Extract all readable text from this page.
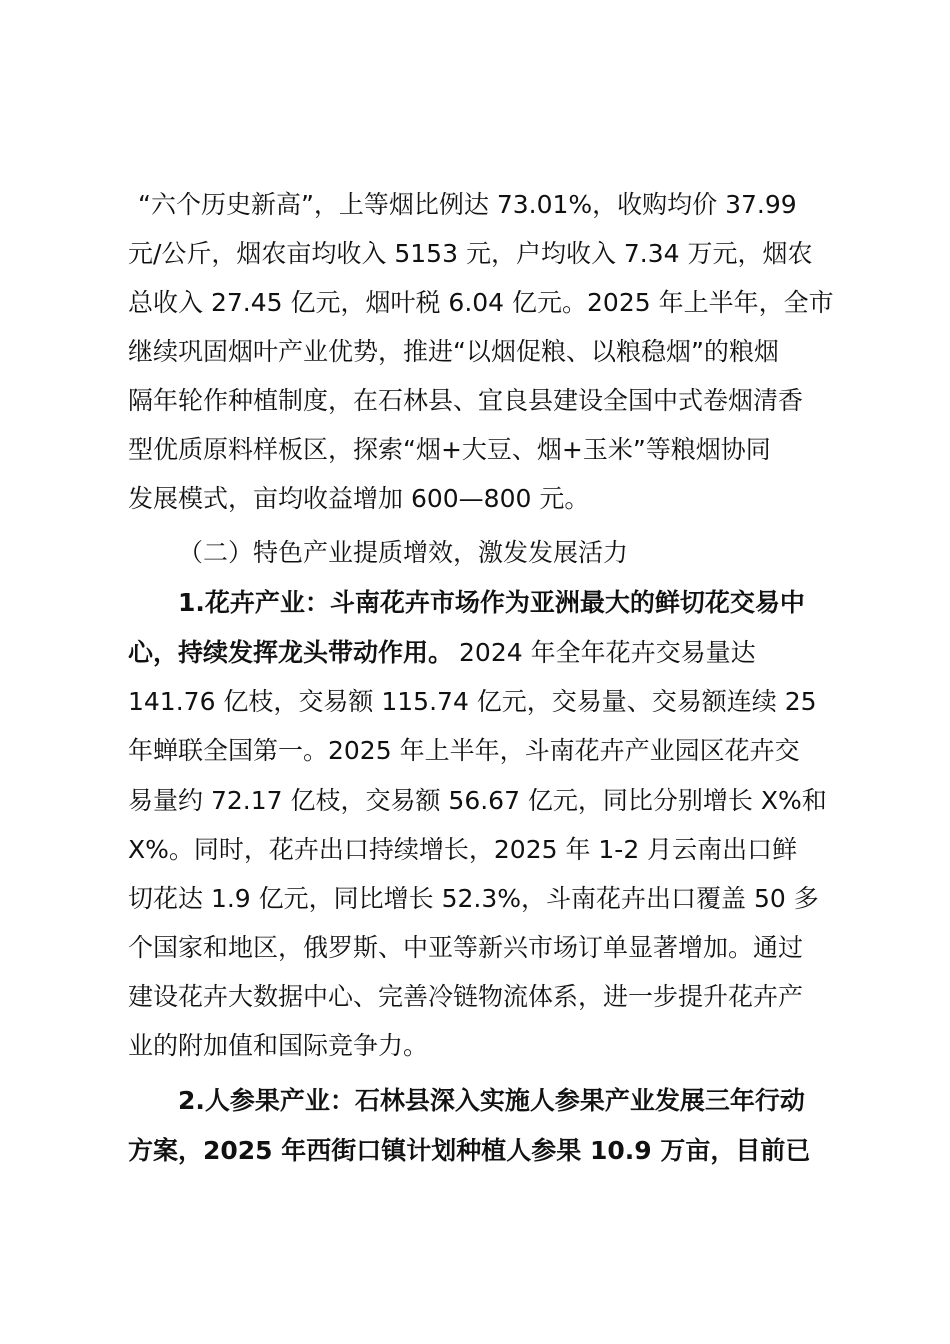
“六个历史新高”，上等烟比例达 73.01%，收购均价 37.99
元/公斤，烟农亩均收入 5153 元，户均收入 7.34 万元，烟农
总收入 27.45 亿元，烟叶税 6.04 亿元。2025 年上半年，全市
继续巩固烟叶产业优势，推进“以烟促粮、以粮稳烟”的粮烟
隔年轮作种植制度，在石林县、宜良县建设全国中式卷烟清香
型优质原料样板区，探索“烟+大豆、烟+玉米”等粮烟协同
发展模式，亩均收益增加 600—800 元。
（二）特色产业提质增效，激发发展活力
1.花卉产业：斗南花卉市场作为亚洲最大的鲜切花交易中
心，持续发挥龙头带动作用。 2024 年全年花卉交易量达
141.76 亿枝，交易额 115.74 亿元，交易量、交易额连续 25
年蝉联全国第一。2025 年上半年，斗南花卉产业园区花卉交
易量约 72.17 亿枝，交易额 56.67 亿元，同比分别增长 X%和
X%。同时，花卉出口持续增长，2025 年 1-2 月云南出口鲜
切花达 1.9 亿元，同比增长 52.3%，斗南花卉出口覆盖 50 多
个国家和地区，俄罗斯、中亚等新兴市场订单显著增加。通过
建设花卉大数据中心、完善冷链物流体系，进一步提升花卉产
业的附加值和国际竞争力。
2.人参果产业：石林县深入实施人参果产业发展三年行动
方案，2025 年西街口镇计划种植人参果 10.9 万亩，目前已
